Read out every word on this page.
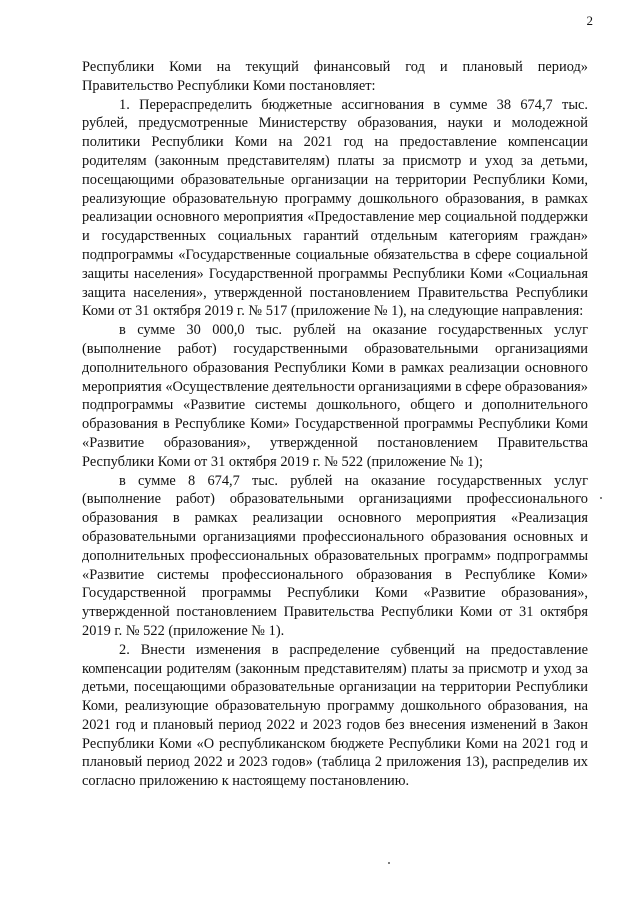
2

Республики Коми на текущий финансовый год и плановый период» Правительство Республики Коми постановляет:

1. Перераспределить бюджетные ассигнования в сумме 38 674,7 тыс. рублей, предусмотренные Министерству образования, науки и молодежной политики Республики Коми на 2021 год на предоставление компенсации родителям (законным представителям) платы за присмотр и уход за детьми, посещающими образовательные организации на территории Республики Коми, реализующие образовательную программу дошкольного образования, в рамках реализации основного мероприятия «Предоставление мер социальной поддержки и государственных социальных гарантий отдельным категориям граждан» подпрограммы «Государственные социальные обязательства в сфере социальной защиты населения» Государственной программы Республики Коми «Социальная защита населения», утвержденной постановлением Правительства Республики Коми от 31 октября 2019 г. № 517 (приложение № 1), на следующие направления:

в сумме 30 000,0 тыс. рублей на оказание государственных услуг (выполнение работ) государственными образовательными организациями дополнительного образования Республики Коми в рамках реализации основного мероприятия «Осуществление деятельности организациями в сфере образования» подпрограммы «Развитие системы дошкольного, общего и дополнительного образования в Республике Коми» Государственной программы Республики Коми «Развитие образования», утвержденной постановлением Правительства Республики Коми от 31 октября 2019 г. № 522 (приложение № 1);

в сумме 8 674,7 тыс. рублей на оказание государственных услуг (выполнение работ) образовательными организациями профессионального образования в рамках реализации основного мероприятия «Реализация образовательными организациями профессионального образования основных и дополнительных профессиональных образовательных программ» подпрограммы «Развитие системы профессионального образования в Республике Коми» Государственной программы Республики Коми «Развитие образования», утвержденной постановлением Правительства Республики Коми от 31 октября 2019 г. № 522 (приложение № 1).

2. Внести изменения в распределение субвенций на предоставление компенсации родителям (законным представителям) платы за присмотр и уход за детьми, посещающими образовательные организации на территории Республики Коми, реализующие образовательную программу дошкольного образования, на 2021 год и плановый период 2022 и 2023 годов без внесения изменений в Закон Республики Коми «О республиканском бюджете Республики Коми на 2021 год и плановый период 2022 и 2023 годов» (таблица 2 приложения 13), распределив их согласно приложению к настоящему постановлению.
